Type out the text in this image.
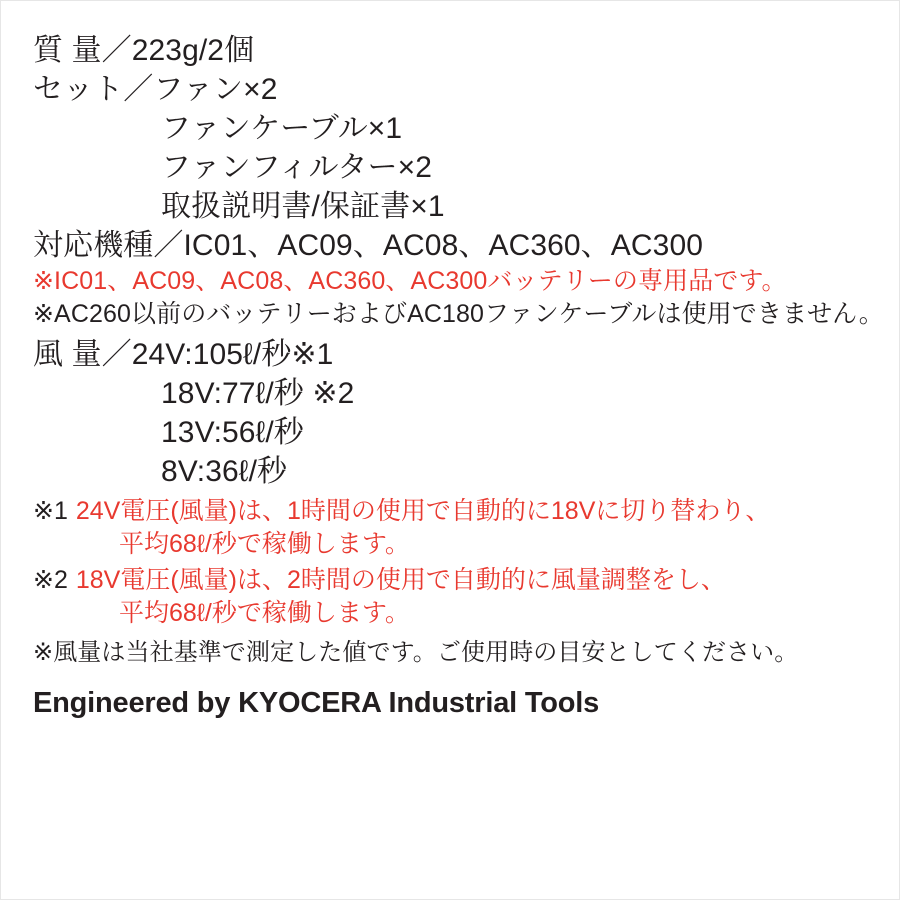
質 量／223g/2個
セット／ファン×2
ファンケーブル×1
ファンフィルター×2
取扱説明書/保証書×1
対応機種／IC01、AC09、AC08、AC360、AC300
※IC01、AC09、AC08、AC360、AC300バッテリーの専用品です。
※AC260以前のバッテリーおよびAC180ファンケーブルは使用できません。
風 量／24V:105ℓ/秒※1
18V:77ℓ/秒 ※2
13V:56ℓ/秒
8V:36ℓ/秒
※1 24V電圧(風量)は、1時間の使用で自動的に18Vに切り替わり、
平均68ℓ/秒で稼働します。
※2 18V電圧(風量)は、2時間の使用で自動的に風量調整をし、
平均68ℓ/秒で稼働します。
※風量は当社基準で測定した値です。ご使用時の目安としてください。
Engineered by KYOCERA Industrial Tools
